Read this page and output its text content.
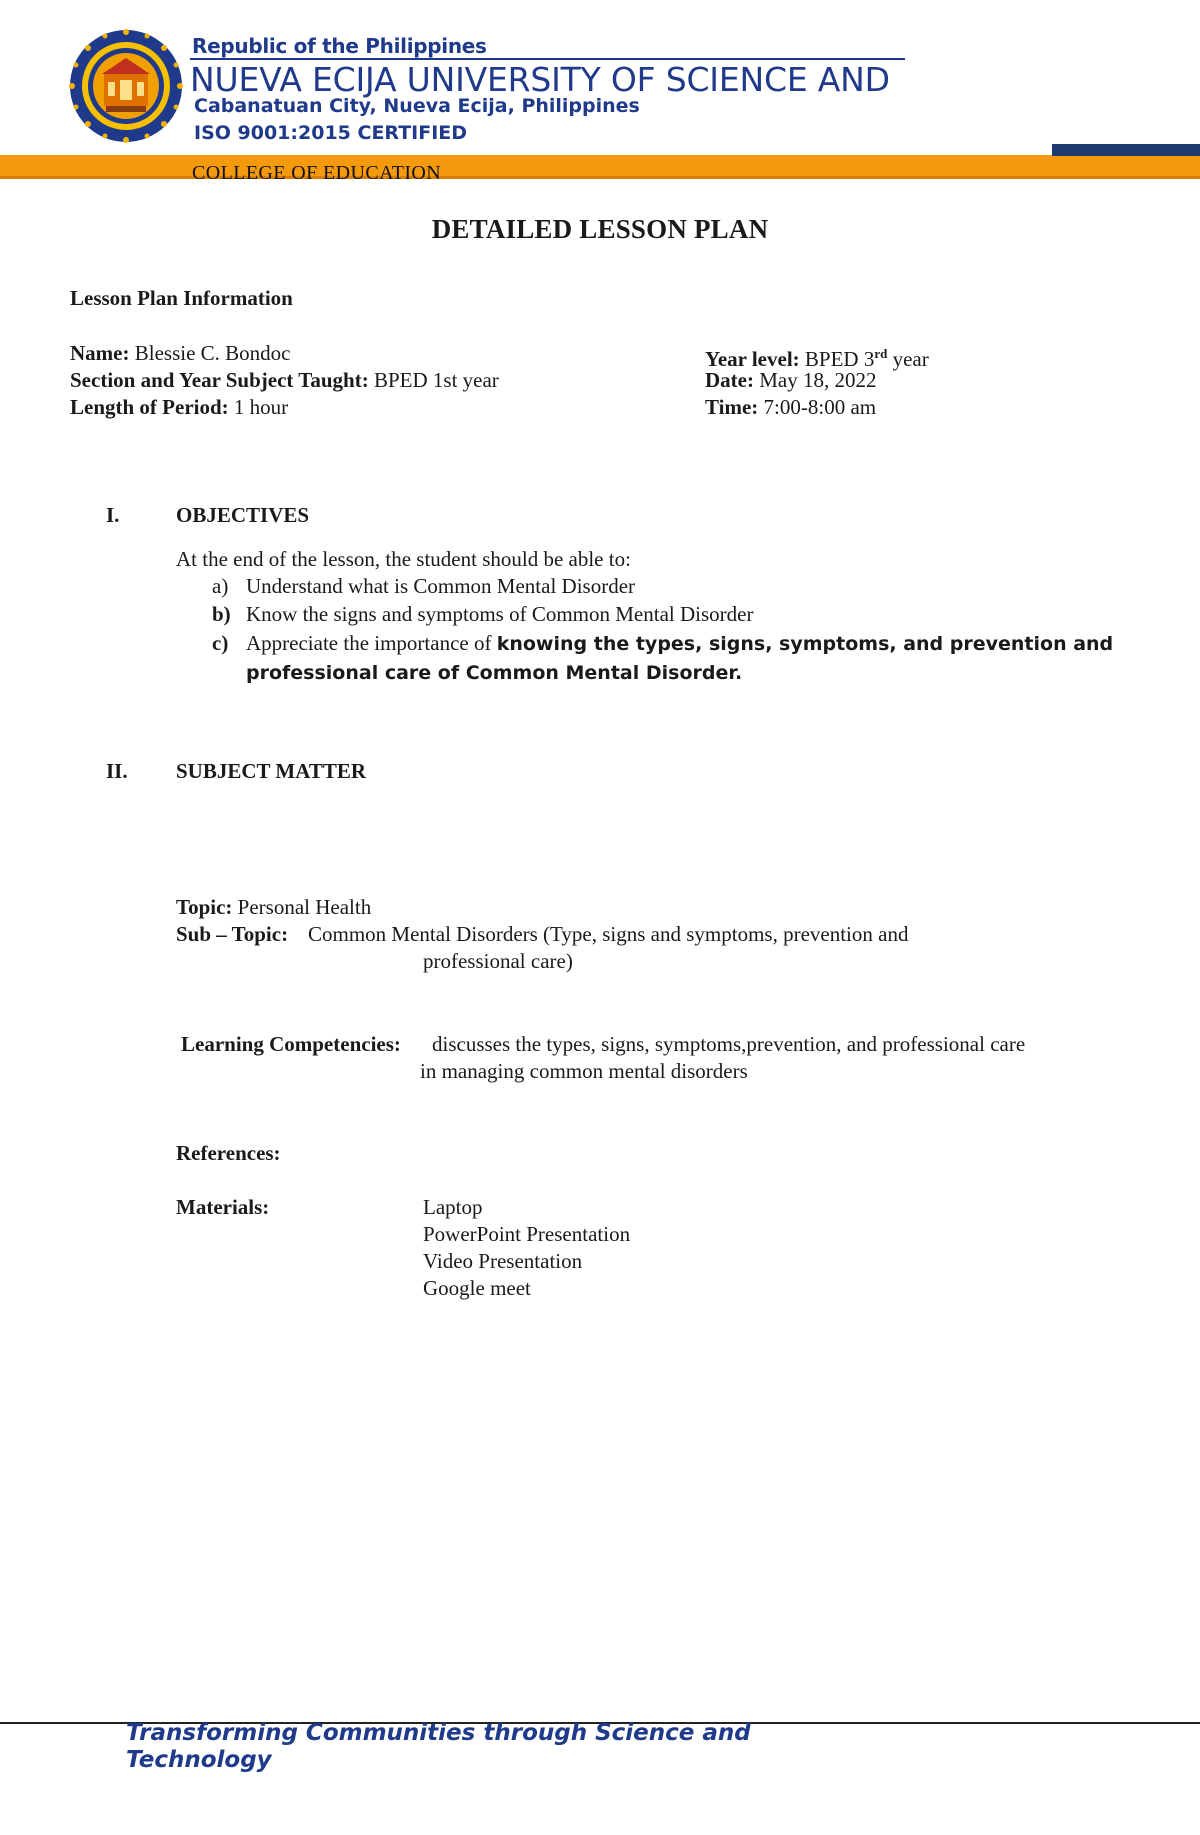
Republic of the Philippines
NUEVA ECIJA UNIVERSITY OF SCIENCE AND
Cabanatuan City, Nueva Ecija, Philippines
ISO 9001:2015 CERTIFIED
COLLEGE OF EDUCATION
DETAILED LESSON PLAN
Lesson Plan Information
Name: Blessie C. Bondoc
Section and Year Subject Taught: BPED 1st year
Length of Period: 1 hour
Year level: BPED 3rd year
Date: May 18, 2022
Time: 7:00-8:00 am
I.	OBJECTIVES
At the end of the lesson, the student should be able to:
a) Understand what is Common Mental Disorder
b) Know the signs and symptoms of Common Mental Disorder
c) Appreciate the importance of knowing the types, signs, symptoms, and prevention and
professional care of Common Mental Disorder.
II. SUBJECT MATTER
Topic: Personal Health
Sub – Topic: Common Mental Disorders (Type, signs and symptoms, prevention and
professional care)
Learning Competencies: discusses the types, signs, symptoms,prevention, and professional care
in managing common mental disorders
References:
Materials:	Laptop
PowerPoint Presentation
Video Presentation
Google meet
Transforming Communities through Science and
Technology
